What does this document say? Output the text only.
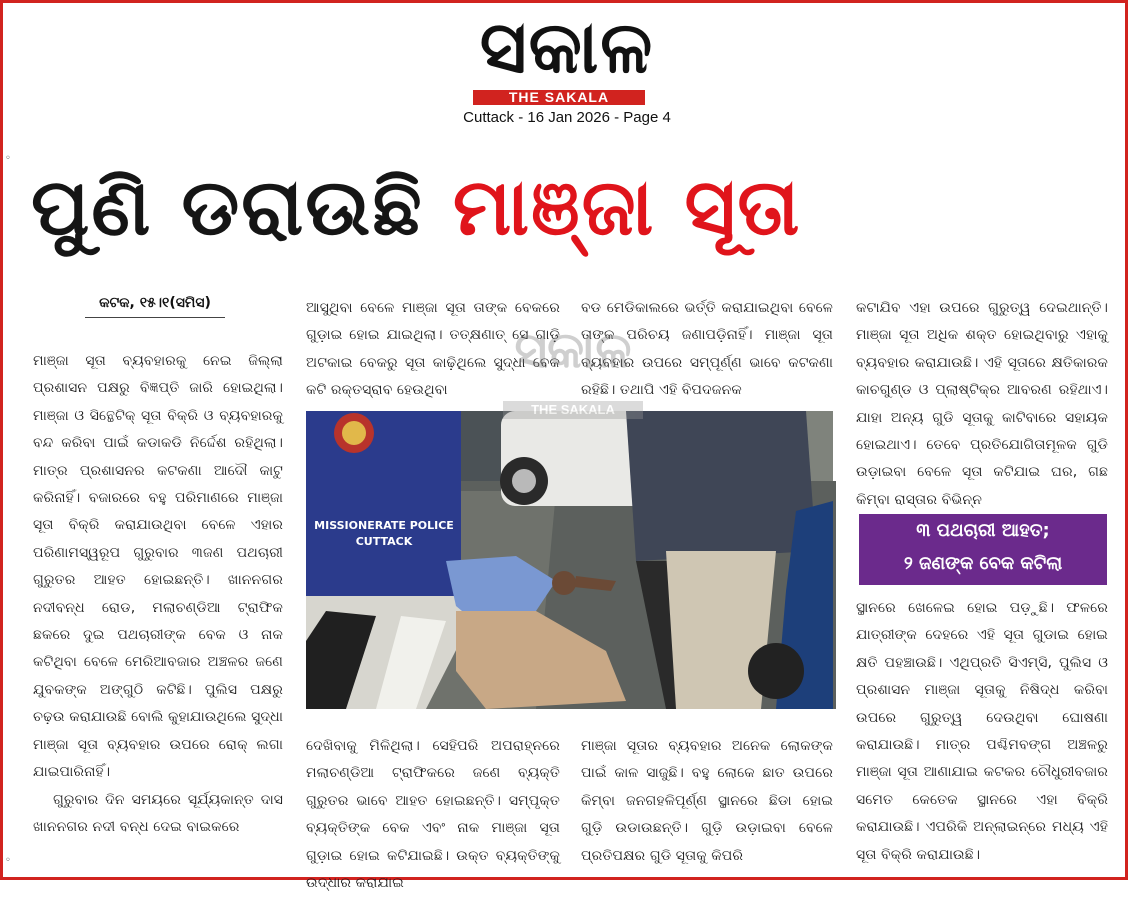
ସକାଳ
THE SAKALA
Cuttack - 16 Jan 2026 - Page 4
◦
◦
ପୁଣି ଡରାଉଛି ମାଞ୍ଜା ସୂତା
କଟକ, ୧୫।୧(ସମିସ)

ମାଞ୍ଜା ସୂତା ବ୍ୟବହାରକୁ ନେଇ ଜିଲ୍ଲା ପ୍ରଶାସନ ପକ୍ଷରୁ ବିଜ୍ଞପ୍ତି ଜାରି ହୋଇଥିଲା। ମାଞ୍ଜା ଓ ସିନ୍ଥେଟିକ୍ ସୂତା ବିକ୍ରି ଓ ବ୍ୟବହାରକୁ ବନ୍ଦ କରିବା ପାଇଁ କଡାକଡି ନିର୍ଦ୍ଦେଶ ରହିଥିଲା। ମାତ୍ର ପ୍ରଶାସନର କଟକଣା ଆଦୌ କାଟୁ କରିନାହିଁ। ବଜାରରେ ବହୁ ପରିମାଣରେ ମାଞ୍ଜା ସୂତା ବିକ୍ରି କରାଯାଉଥିବା ବେଳେ ଏହାର ପରିଣାମସ୍ୱରୂପ ଗୁରୁବାର ୩ଜଣ ପଥଚାରୀ ଗୁରୁତର ଆହତ ହୋଇଛନ୍ତି। ଖାନନଗର ନଦୀବନ୍ଧ ରୋଡ, ମଲାଚଣ୍ଡିଆ ଟ୍ରାଫିକ ଛକରେ ଦୁଇ ପଥଚାରୀଙ୍କ ବେକ ଓ ନାକ କଟିଥିବା ବେଳେ ମେରିଆବଜାର ଅଞ୍ଚଳର ଜଣେ ଯୁବକଙ୍କ ଅଙ୍ଗୁଠି କଟିଛି। ପୁଲିସ ପକ୍ଷରୁ ଚଢ଼ଉ କରାଯାଉଛି ବୋଲି କୁହାଯାଉଥିଲେ ସୁଦ୍ଧା ମାଞ୍ଜା ସୂତା ବ୍ୟବହାର ଉପରେ ରୋକ୍ ଲଗା ଯାଇପାରିନାହିଁ।

ଗୁରୁବାର ଦିନ ସମୟରେ ସୂର୍ଯ୍ୟକାନ୍ତ ଦାସ ଖାନନଗର ନଦୀ ବନ୍ଧ ଦେଇ ବାଇକରେ

ଆସୁଥିବା ବେଳେ ମାଞ୍ଜା ସୂତା ତାଙ୍କ ବେକରେ ଗୁଡ଼ାଇ ହୋଇ ଯାଇଥିଲା। ତତ୍‌କ୍ଷଣାତ୍ ସେ ଗାଡ଼ି ଅଟକାଇ ବେକରୁ ସୂତା କାଢ଼ିଥିଲେ ସୁଦ୍ଧା ବେକ କଟି ରକ୍ତସ୍ରାବ ହେଉଥିବା

ବଡ ମେଡିକାଲରେ ଭର୍ତ୍ତି କରାଯାଇଥିବା ବେଳେ ତାଙ୍କ ପରିଚୟ ଜଣାପଡ଼ିନାହିଁ। ମାଞ୍ଜା ସୂତା ବ୍ୟବହାର ଉପରେ ସମ୍ପୂର୍ଣ୍ଣ ଭାବେ କଟକଣା ରହିଛି। ତଥାପି ଏହି ବିପଦଜନକ

MISSIONERATE POLICE
CUTTACK

ଦେଖିବାକୁ ମିଳିଥିଲା। ସେହିପରି ଅପରାହ୍ନରେ ମଲାଚଣ୍ଡିଆ ଟ୍ରାଫିକରେ ଜଣେ ବ୍ୟକ୍ତି ଗୁରୁତର ଭାବେ ଆହତ ହୋଇଛନ୍ତି। ସମ୍ପୃକ୍ତ ବ୍ୟକ୍ତିଙ୍କ ବେକ ଏବଂ ନାକ ମାଞ୍ଜା ସୂତା ଗୁଡ଼ାଇ ହୋଇ କଟିଯାଇଛି। ଉକ୍ତ ବ୍ୟକ୍ତିଙ୍କୁ ଉଦ୍ଧାର କରାଯାଇ

ମାଞ୍ଜା ସୂତାର ବ୍ୟବହାର ଅନେକ ଲୋକଙ୍କ ପାଇଁ କାଳ ସାଜୁଛି। ବହୁ ଲୋକେ ଛାତ ଉପରେ କିମ୍ବା ଜନଗହଳିପୂର୍ଣ୍ଣ ସ୍ଥାନରେ ଛିଡା ହୋଇ ଗୁଡ଼ି ଉଡାଉଛନ୍ତି। ଗୁଡ଼ି ଉଡ଼ାଇବା ବେଳେ ପ୍ରତିପକ୍ଷର ଗୁଡି ସୂତାକୁ କିପରି

କଟାଯିବ ଏହା ଉପରେ ଗୁରୁତ୍ୱ ଦେଇଥାନ୍ତି। ମାଞ୍ଜା ସୂତା ଅଧିକ ଶକ୍ତ ହୋଇଥିବାରୁ ଏହାକୁ ବ୍ୟବହାର କରାଯାଉଛି। ଏହି ସୂତାରେ କ୍ଷତିକାରକ କାଚଗୁଣ୍ଡ ଓ ପ୍ଲାଷ୍ଟିକ୍‌ର ଆବରଣ ରହିଥାଏ। ଯାହା ଅନ୍ୟ ଗୁଡି ସୂତାକୁ କାଟିବାରେ ସହାୟକ ହୋଇଥାଏ। ତେବେ ପ୍ରତିଯୋଗିତାମୂଳକ ଗୁଡି ଉଡ଼ାଇବା ବେଳେ ସୂତା କଟିଯାଇ ଘର, ଗଛ କିମ୍ବା ରାସ୍ତାର ବିଭିନ୍ନ

୩ ପଥଚାରୀ ଆହତ;
୨ ଜଣଙ୍କ ବେକ କଟିଲା

ସ୍ଥାନରେ ଖେଳେଇ ହୋଇ ପଡ଼ୁଛି। ଫଳରେ ଯାତ୍ରୀଙ୍କ ଦେହରେ ଏହି ସୂତା ଗୁଡାଇ ହୋଇ କ୍ଷତି ପହଞ୍ଚାଉଛି। ଏଥିପ୍ରତି ସିଏମ୍‌ସି, ପୁଲିସ ଓ ପ୍ରଶାସନ ମାଞ୍ଜା ସୂତାକୁ ନିଷିଦ୍ଧ କରିବା ଉପରେ ଗୁରୁତ୍ୱ ଦେଉଥିବା ଘୋଷଣା କରାଯାଉଛି। ମାତ୍ର ପଶ୍ଚିମବଙ୍ଗ ଅଞ୍ଚଳରୁ ମାଞ୍ଜା ସୂତା ଆଣାଯାଇ କଟକର ଚୌଧୁରୀବଜାର ସମେତ କେତେକ ସ୍ଥାନରେ ଏହା ବିକ୍ରି କରାଯାଉଛି। ଏପରିକି ଅନ୍‌ଲାଇନ୍‌ରେ ମଧ୍ୟ ଏହି ସୂତା ବିକ୍ରି କରାଯାଉଛି।

ସକାଳ
THE SAKALA
